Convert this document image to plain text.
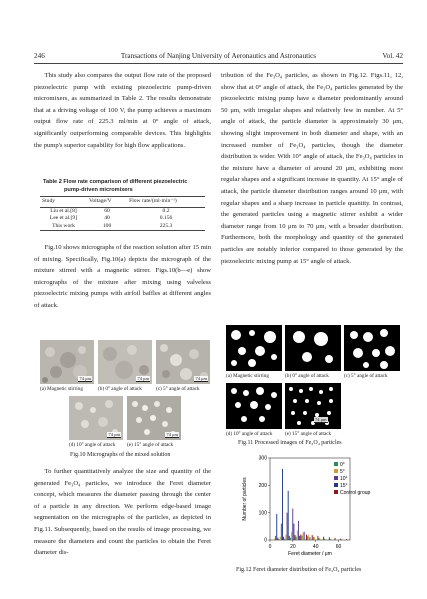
246	Transactions of Nanjing University of Aeronautics and Astronautics	Vol. 42

This study also compares the output flow rate of the proposed piezoelectric pump with existing piezoelectric pump-driven micromixers, as summarized in Table 2. The results demonstrate that at a driving voltage of 100 V, the pump achieves a maximum output flow rate of 225.3 ml/min at 0° angle of attack, significantly outperforming comparable devices. This highlights the pump's superior capability for high flow applications.

Table 2 Flow rate comparison of different piezoelectric
pump-driven micromixers

Study	Voltage/V	Flow rate/(ml·min⁻¹)
Liu et al.[8]	60	0.2
Lee et al.[9]	40	0.156
This work	100	225.3

Fig.10 shows micrographs of the reaction solution after 15 min of mixing. Specifically, Fig.10(a) depicts the micrograph of the mixture stirred with a magnetic stirrer. Figs.10(b—e) show micrographs of the mixture after mixing using valveless piezoelectric mixing pumps with airfoil baffles at different angles of attack.

74 μm	74 μm	74 μm
(a) Magnetic stirring	(b) 0° angle of attack	(c) 5° angle of attack
74 μm	74 μm
(d) 10° angle of attack (e) 15° angle of attack
Fig.10 Micrographs of the mixed solution

To further quantitatively analyze the size and quantity of the generated Fe₃O₄ particles, we introduce the Feret diameter concept, which measures the diameter passing through the center of a particle in any direction. We perform edge-based image segmentation on the micrographs of the particles, as depicted in Fig.11. Subsequently, based on the results of image processing, we measure the diameters and count the particles to obtain the Feret diameter dis-

tribution of the Fe₃O₄ particles, as shown in Fig.12. Figs.11, 12, show that at 0° angle of attack, the Fe₃O₄ particles generated by the piezoelectric mixing pump have a diameter predominantly around 50 μm, with irregular shapes and relatively few in number. At 5° angle of attack, the particle diameter is approximately 30 μm, showing slight improvement in both diameter and shape, with an increased number of Fe₃O₄ particles, though the diameter distribution is wider. With 10° angle of attack, the Fe₃O₄ particles in the mixture have a diameter of around 20 μm, exhibiting more regular shapes and a significant increase in quantity. At 15° angle of attack, the particle diameter distribution ranges around 10 μm, with regular shapes and a sharp increase in particle quantity. In contrast, the generated particles using a magnetic stirrer exhibit a wider diameter range from 10 μm to 70 μm, with a broader distribution. Furthermore, both the morphology and quantity of the generated particles are notably inferior compared to those generated by the piezoelectric mixing pump at 15° angle of attack.

(a) Magnetic stirring	(b) 0° angle of attack	(c) 5° angle of attack
74 μm
(d) 10° angle of attack (e) 15° angle of attack
Fig.11 Processed images of Fe₃O₄ particles
0	20	40	60
0
100
200
300
Feret diameter / μm
Number of particles
0°
5°
10°
15°
Control group
Fig.12 Feret diameter distribution of Fe₃O₄ particles
